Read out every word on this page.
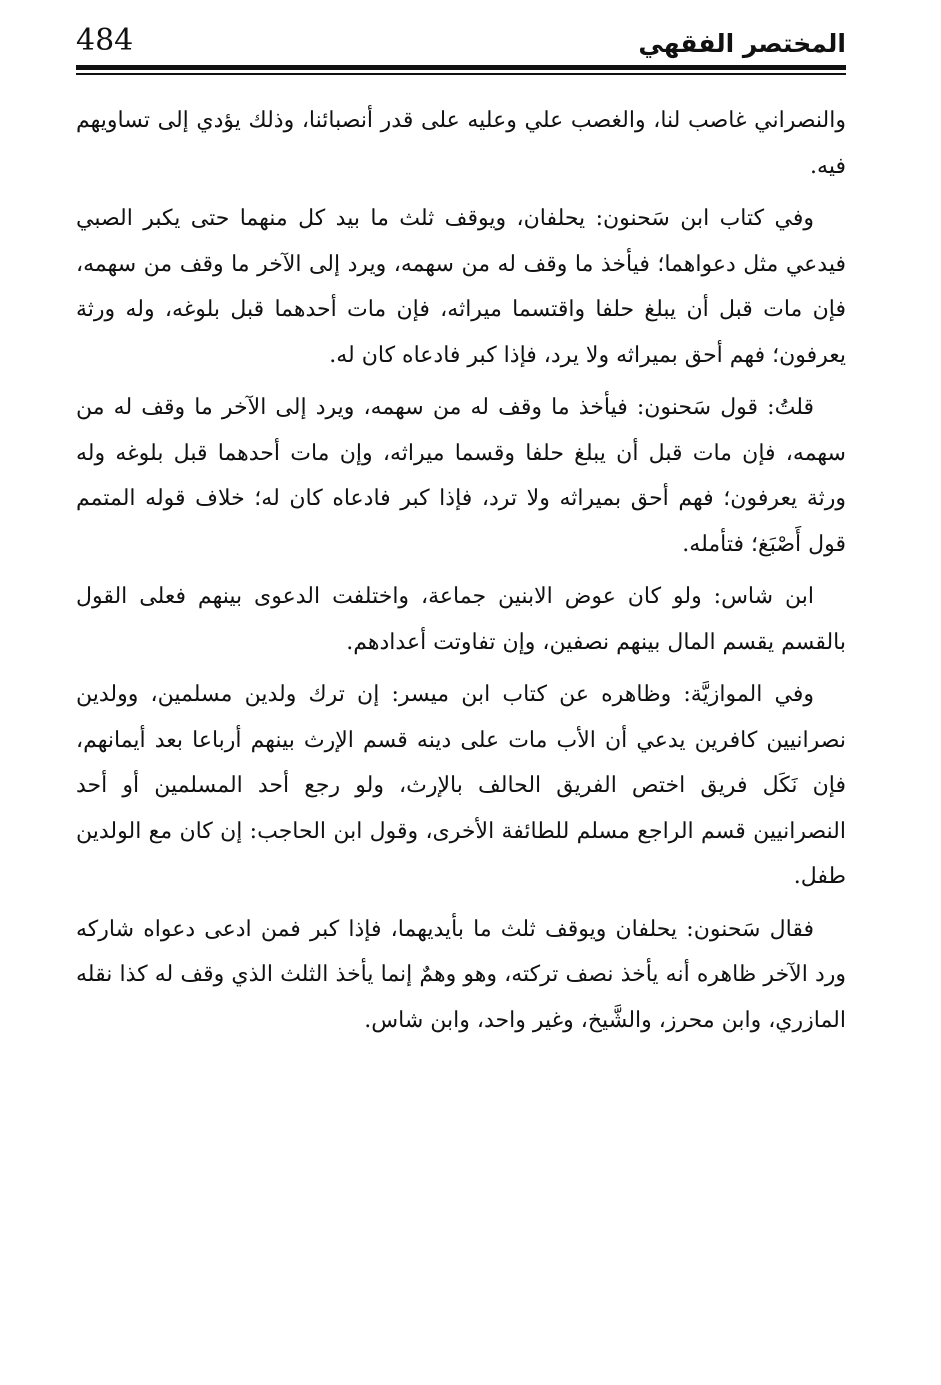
484	المختصر الفقهي

والنصراني غاصب لنا، والغصب علي وعليه على قدر أنصبائنا، وذلك يؤدي إلى تساويهم فيه.

وفي كتاب ابن سَحنون: يحلفان، ويوقف ثلث ما بيد كل منهما حتى يكبر الصبي فيدعي مثل دعواهما؛ فيأخذ ما وقف له من سهمه، ويرد إلى الآخر ما وقف من سهمه، فإن مات قبل أن يبلغ حلفا واقتسما ميراثه، فإن مات أحدهما قبل بلوغه، وله ورثة يعرفون؛ فهم أحق بميراثه ولا يرد، فإذا كبر فادعاه كان له.

قلتُ: قول سَحنون: فيأخذ ما وقف له من سهمه، ويرد إلى الآخر ما وقف له من سهمه، فإن مات قبل أن يبلغ حلفا وقسما ميراثه، وإن مات أحدهما قبل بلوغه وله ورثة يعرفون؛ فهم أحق بميراثه ولا ترد، فإذا كبر فادعاه كان له؛ خلاف قوله المتمم قول أَصْبَغ؛ فتأمله.

ابن شاس: ولو كان عوض الابنين جماعة، واختلفت الدعوى بينهم فعلى القول بالقسم يقسم المال بينهم نصفين، وإن تفاوتت أعدادهم.

وفي الموازيَّة: وظاهره عن كتاب ابن ميسر: إن ترك ولدين مسلمين، وولدين نصرانيين كافرين يدعي أن الأب مات على دينه قسم الإرث بينهم أرباعا بعد أيمانهم، فإن نَكَل فريق اختص الفريق الحالف بالإرث، ولو رجع أحد المسلمين أو أحد النصرانيين قسم الراجع مسلم للطائفة الأخرى، وقول ابن الحاجب: إن كان مع الولدين طفل.

فقال سَحنون: يحلفان ويوقف ثلث ما بأيديهما، فإذا كبر فمن ادعى دعواه شاركه ورد الآخر ظاهره أنه يأخذ نصف تركته، وهو وهمٌ إنما يأخذ الثلث الذي وقف له كذا نقله المازري، وابن محرز، والشَّيخ، وغير واحد، وابن شاس.
